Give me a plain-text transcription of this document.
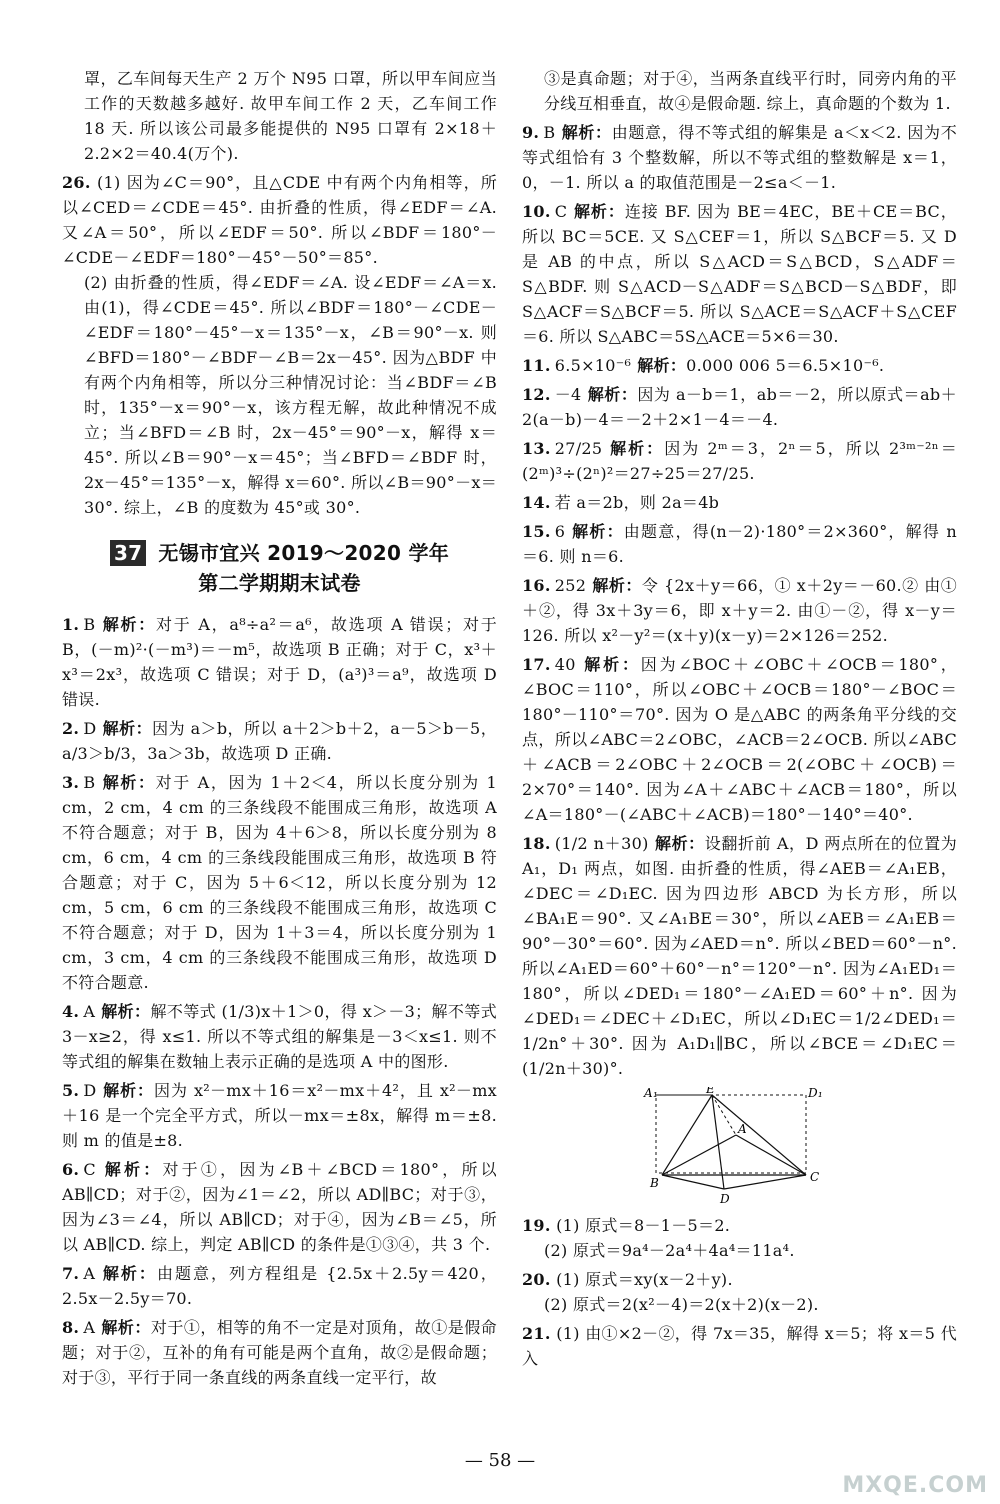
罩，乙车间每天生产 2 万个 N95 口罩，所以甲车间应当工作的天数越多越好. 故甲车间工作 2 天，乙车间工作 18 天. 所以该公司最多能提供的 N95 口罩有 2×18＋2.2×2＝40.4(万个).

26. (1) 因为∠C＝90°，且△CDE 中有两个内角相等，所以∠CED＝∠CDE＝45°. 由折叠的性质，得∠EDF＝∠A. 又∠A＝50°，所以∠EDF＝50°. 所以∠BDF＝180°－∠CDE－∠EDF＝180°－45°－50°＝85°.

(2) 由折叠的性质，得∠EDF＝∠A. 设∠EDF＝∠A＝x. 由(1)，得∠CDE＝45°. 所以∠BDF＝180°－∠CDE－∠EDF＝180°－45°－x＝135°－x，∠B＝90°－x. 则∠BFD＝180°－∠BDF－∠B＝2x－45°. 因为△BDF 中有两个内角相等，所以分三种情况讨论：当∠BDF＝∠B 时，135°－x＝90°－x，该方程无解，故此种情况不成立；当∠BFD＝∠B 时，2x－45°＝90°－x，解得 x＝45°. 所以∠B＝90°－x＝45°；当∠BFD＝∠BDF 时，2x－45°＝135°－x，解得 x＝60°. 所以∠B＝90°－x＝30°. 综上，∠B 的度数为 45°或 30°.

37 无锡市宜兴 2019～2020 学年
第二学期期末试卷

1. B 解析：对于 A，a⁸÷a²＝a⁶，故选项 A 错误；对于 B，(－m)²·(－m³)＝－m⁵，故选项 B 正确；对于 C，x³＋x³＝2x³，故选项 C 错误；对于 D，(a³)³＝a⁹，故选项 D 错误.

2. D 解析：因为 a＞b，所以 a＋2＞b＋2，a－5＞b－5，a/3＞b/3，3a＞3b，故选项 D 正确.

3. B 解析：对于 A，因为 1＋2＜4，所以长度分别为 1 cm，2 cm，4 cm 的三条线段不能围成三角形，故选项 A 不符合题意；对于 B，因为 4＋6＞8，所以长度分别为 8 cm，6 cm，4 cm 的三条线段能围成三角形，故选项 B 符合题意；对于 C，因为 5＋6＜12，所以长度分别为 12 cm，5 cm，6 cm 的三条线段不能围成三角形，故选项 C 不符合题意；对于 D，因为 1＋3＝4，所以长度分别为 1 cm，3 cm，4 cm 的三条线段不能围成三角形，故选项 D 不符合题意.

4. A 解析：解不等式 (1/3)x＋1＞0，得 x＞－3；解不等式 3－x≥2，得 x≤1. 所以不等式组的解集是－3＜x≤1. 则不等式组的解集在数轴上表示正确的是选项 A 中的图形.

5. D 解析：因为 x²－mx＋16＝x²－mx＋4²，且 x²－mx＋16 是一个完全平方式，所以－mx＝±8x，解得 m＝±8. 则 m 的值是±8.

6. C 解析：对于①，因为∠B＋∠BCD＝180°，所以 AB∥CD；对于②，因为∠1＝∠2，所以 AD∥BC；对于③，因为∠3＝∠4，所以 AB∥CD；对于④，因为∠B＝∠5，所以 AB∥CD. 综上，判定 AB∥CD 的条件是①③④，共 3 个.

7. A 解析：由题意，列方程组是 {2.5x＋2.5y＝420，2.5x－2.5y＝70.

8. A 解析：对于①，相等的角不一定是对顶角，故①是假命题；对于②，互补的角有可能是两个直角，故②是假命题；对于③，平行于同一条直线的两条直线一定平行，故

③是真命题；对于④，当两条直线平行时，同旁内角的平分线互相垂直，故④是假命题. 综上，真命题的个数为 1.

9. B 解析：由题意，得不等式组的解集是 a＜x＜2. 因为不等式组恰有 3 个整数解，所以不等式组的整数解是 x＝1，0，－1. 所以 a 的取值范围是－2≤a＜－1.

10. C 解析：连接 BF. 因为 BE＝4EC，BE＋CE＝BC，所以 BC＝5CE. 又 S△CEF＝1，所以 S△BCF＝5. 又 D 是 AB 的中点，所以 S△ACD＝S△BCD，S△ADF＝S△BDF. 则 S△ACD－S△ADF＝S△BCD－S△BDF，即 S△ACF＝S△BCF＝5. 所以 S△ACE＝S△ACF＋S△CEF＝6. 所以 S△ABC＝5S△ACE＝5×6＝30.

11. 6.5×10⁻⁶ 解析：0.000 006 5＝6.5×10⁻⁶.

12. －4 解析：因为 a－b＝1，ab＝－2，所以原式＝ab＋2(a－b)－4＝－2＋2×1－4＝－4.

13. 27/25 解析：因为 2ᵐ＝3，2ⁿ＝5，所以 2³ᵐ⁻²ⁿ＝(2ᵐ)³÷(2ⁿ)²＝27÷25＝27/25.

14. 若 a＝2b，则 2a＝4b

15. 6 解析：由题意，得(n－2)·180°＝2×360°，解得 n＝6. 则 n＝6.

16. 252 解析：令 {2x＋y＝66，① x＋2y＝－60.② 由①＋②，得 3x＋3y＝6，即 x＋y＝2. 由①－②，得 x－y＝126. 所以 x²－y²＝(x＋y)(x－y)＝2×126＝252.

17. 40 解析：因为∠BOC＋∠OBC＋∠OCB＝180°，∠BOC＝110°，所以∠OBC＋∠OCB＝180°－∠BOC＝180°－110°＝70°. 因为 O 是△ABC 的两条角平分线的交点，所以∠ABC＝2∠OBC，∠ACB＝2∠OCB. 所以∠ABC＋∠ACB＝2∠OBC＋2∠OCB＝2(∠OBC＋∠OCB)＝2×70°＝140°. 因为∠A＋∠ABC＋∠ACB＝180°，所以∠A＝180°－(∠ABC＋∠ACB)＝180°－140°＝40°.

18. (1/2 n＋30) 解析：设翻折前 A，D 两点所在的位置为 A₁，D₁ 两点，如图. 由折叠的性质，得∠AEB＝∠A₁EB，∠DEC＝∠D₁EC. 因为四边形 ABCD 为长方形，所以∠BA₁E＝90°. 又∠A₁BE＝30°，所以∠AEB＝∠A₁EB＝90°－30°＝60°. 因为∠AED＝n°. 所以∠BED＝60°－n°. 所以∠A₁ED＝60°＋60°－n°＝120°－n°. 因为∠A₁ED₁＝180°，所以∠DED₁＝180°－∠A₁ED＝60°＋n°. 因为∠DED₁＝∠DEC＋∠D₁EC，所以∠D₁EC＝1/2∠DED₁＝1/2n°＋30°. 因为 A₁D₁∥BC，所以∠BCE＝∠D₁EC＝(1/2n＋30)°.

A₁	E	D₁
A
B
D
C

19. (1) 原式＝8－1－5＝2.

(2) 原式＝9a⁴－2a⁴＋4a⁴＝11a⁴.

20. (1) 原式＝xy(x－2＋y).

(2) 原式＝2(x²－4)＝2(x＋2)(x－2).

21. (1) 由①×2－②，得 7x＝35，解得 x＝5；将 x＝5 代入

— 58 —
MXQE.COM
